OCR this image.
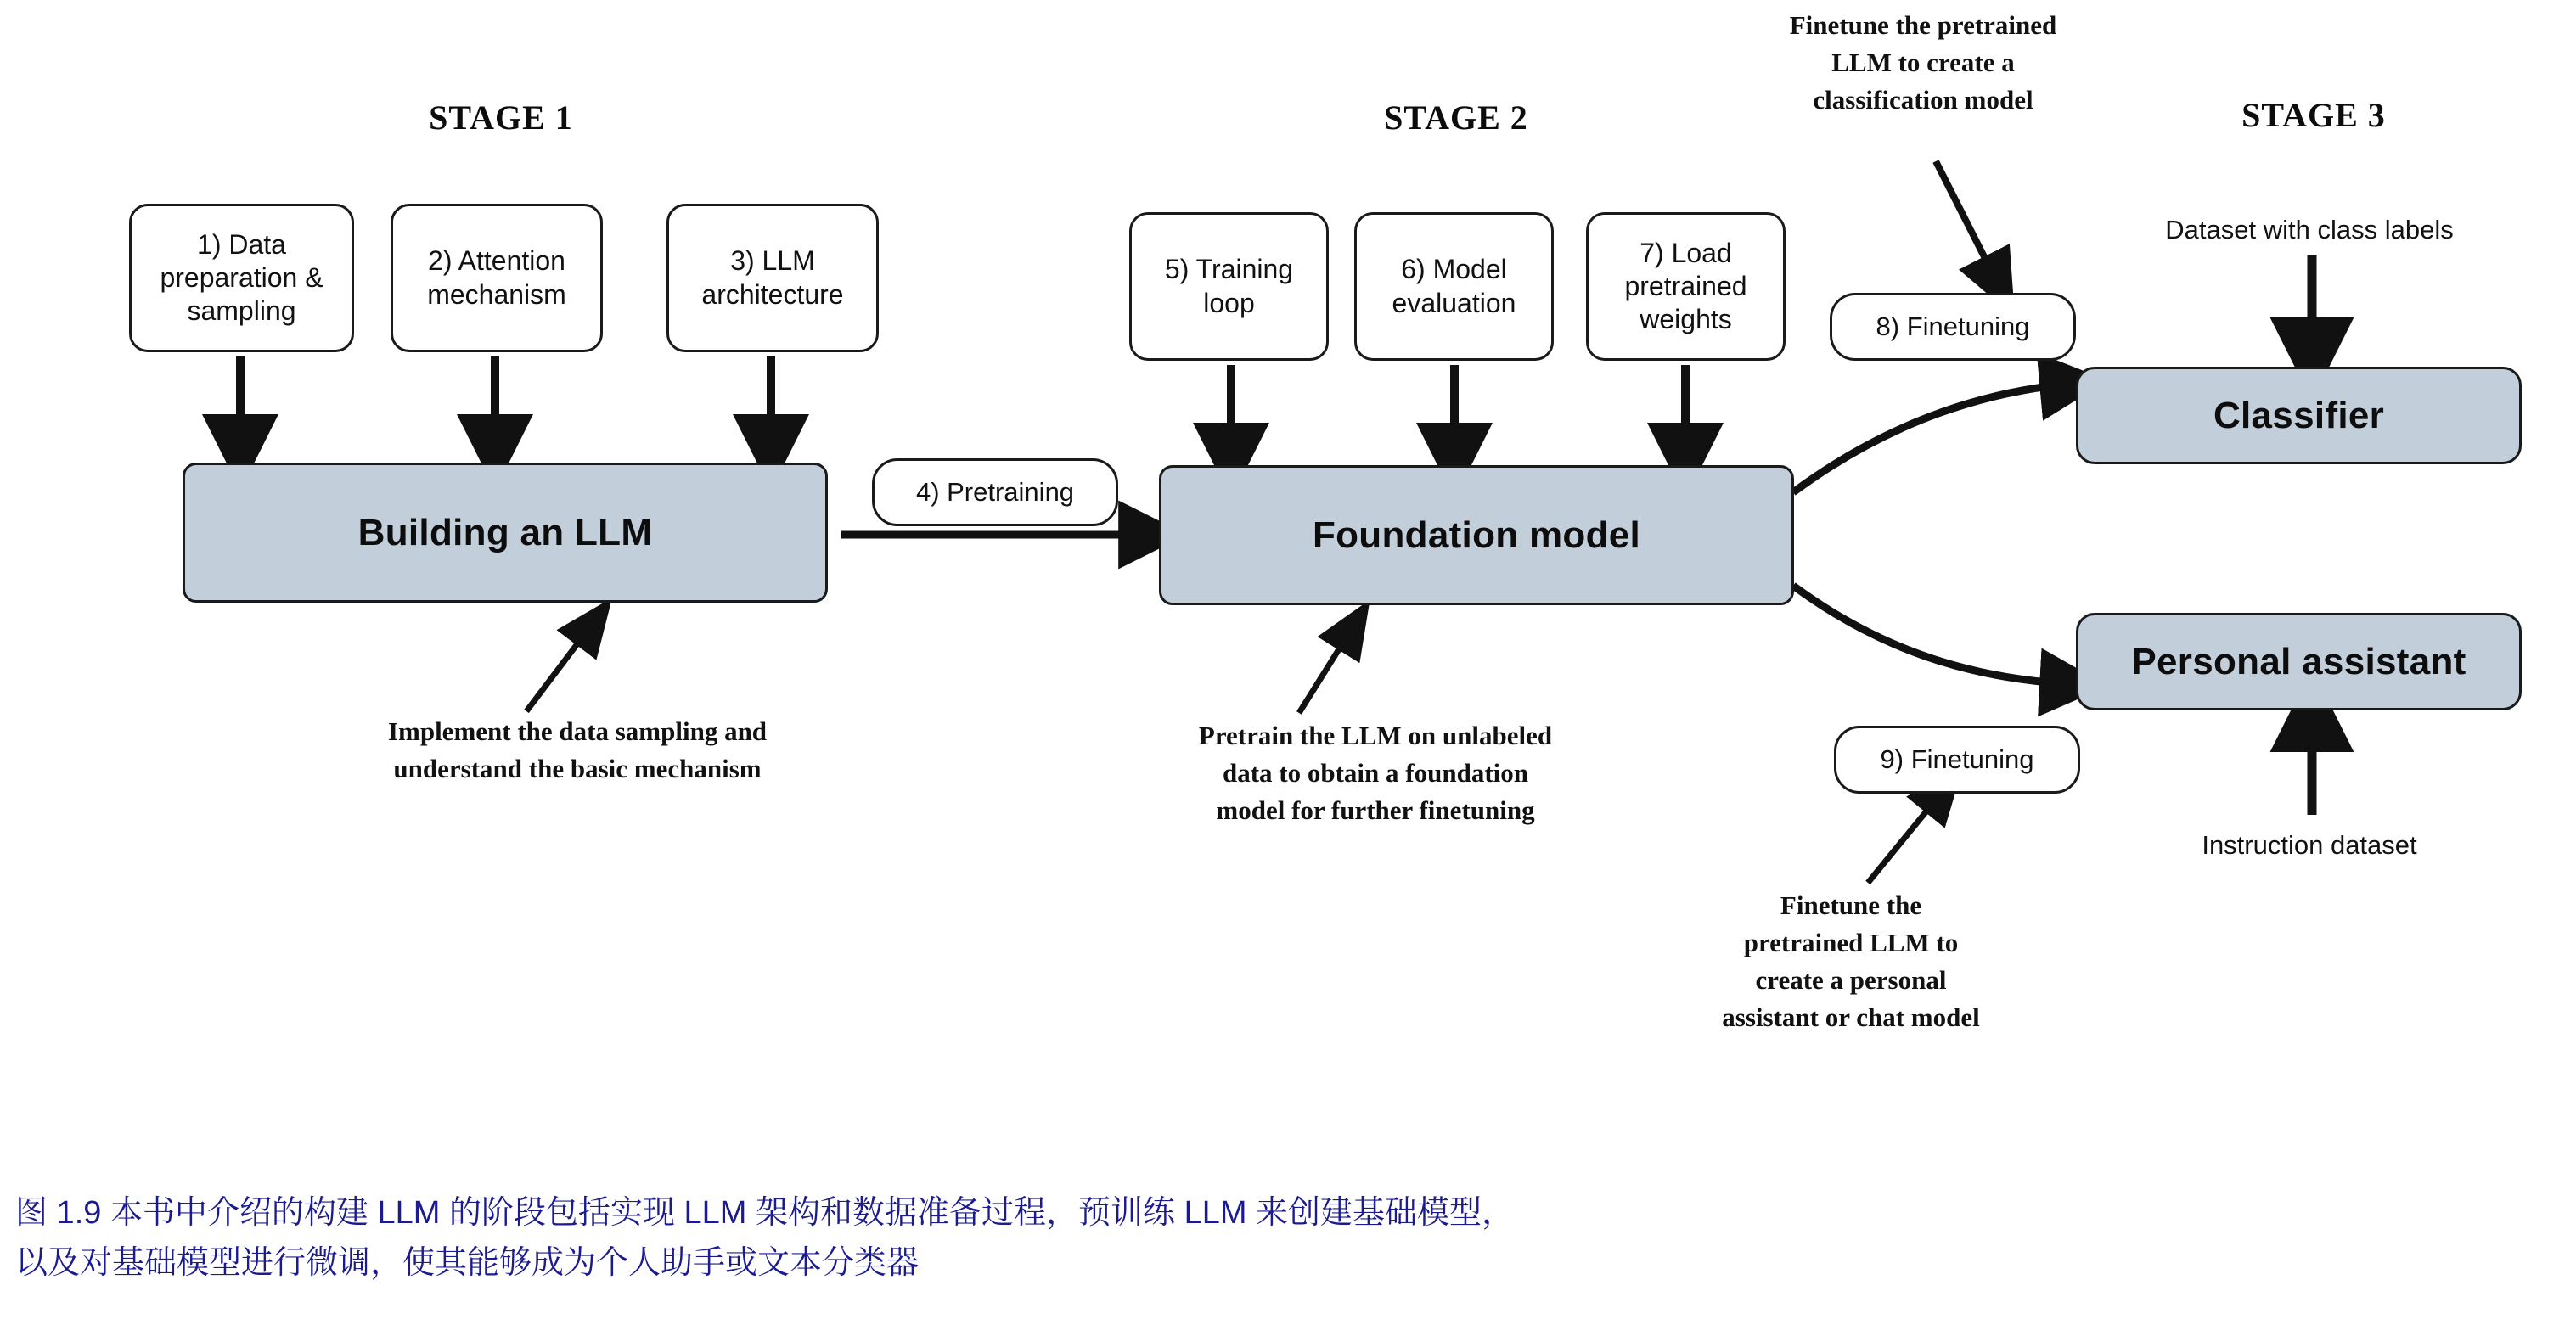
STAGE 1	STAGE 2	STAGE 3
1) Data preparation & sampling
2) Attention mechanism
3) LLM architecture
Building an LLM
4) Pretraining
5) Training loop
6) Model evaluation
7) Load pretrained weights
Foundation model
8) Finetuning
9) Finetuning
Classifier
Personal assistant
Finetune the pretrained
LLM to create a
classification model
Dataset with class labels
Implement the data sampling and
understand the basic mechanism
Pretrain the LLM on unlabeled
data to obtain a foundation
model for further finetuning
Finetune the
pretrained LLM to
create a personal
assistant or chat model
Instruction dataset
图 1.9 本书中介绍的构建 LLM 的阶段包括实现 LLM 架构和数据准备过程，预训练 LLM 来创建基础模型，
以及对基础模型进行微调，使其能够成为个人助手或文本分类器
